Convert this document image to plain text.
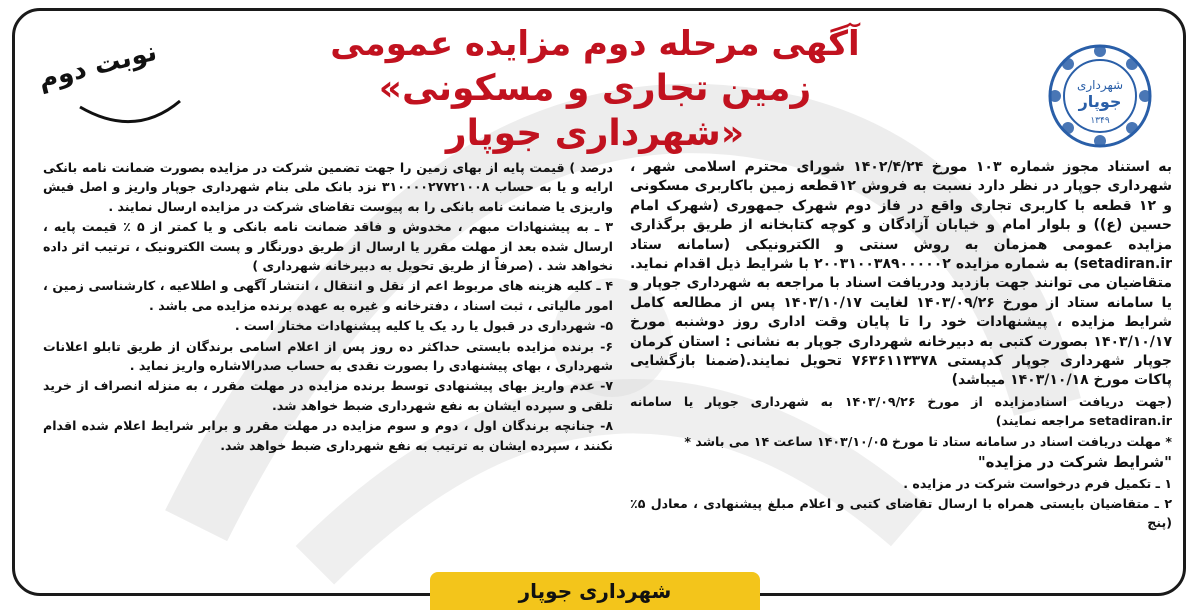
آگهی مرحله دوم مزایده عمومی

«زمین تجاری و مسکونی شهرداری جوپار»

نوبت دوم	شهرداری
جوپار
۱۳۴۹

به استناد مجوز شماره ۱۰۳ مورخ ۱۴۰۲/۴/۲۴ شورای محترم اسلامی شهر ، شهرداری جوپار در نظر دارد نسبت به فروش ۱۲قطعه زمین باکاربری مسکونی و ۱۲ قطعه با کاربری تجاری واقع در فاز دوم شهرک جمهوری (شهرک امام حسین (ع)) و بلوار امام و خیابان آزادگان و کوچه کتابخانه از طریق برگذاری مزایده عمومی همزمان به روش سنتی و الکترونیکی (سامانه ستاد setadiran.ir) به شماره مزایده ۲۰۰۳۱۰۰۳۸۹۰۰۰۰۰۲ با شرایط ذیل اقدام نماید. متقاضیان می توانند جهت بازدید ودریافت اسناد با مراجعه به شهرداری جوپار و یا سامانه ستاد از مورخ ۱۴۰۳/۰۹/۲۶ لغایت ۱۴۰۳/۱۰/۱۷ پس از مطالعه کامل شرایط مزایده ، پیشنهادات خود را تا پایان وقت اداری روز دوشنبه مورخ ۱۴۰۳/۱۰/۱۷ بصورت کتبی به دبیرخانه شهرداری جوپار به نشانی : استان کرمان جوپار شهرداری جوپار کدپستی ۷۶۳۶۱۱۳۳۷۸ تحویل نمایند.(ضمنا بازگشایی پاکات مورخ ۱۴۰۳/۱۰/۱۸ میباشد)

(جهت دریافت اسنادمزایده از مورخ ۱۴۰۳/۰۹/۲۶ به شهرداری جوپار یا سامانه setadiran.ir مراجعه نمایند)

* مهلت دریافت اسناد در سامانه ستاد تا مورخ ۱۴۰۳/۱۰/۰۵ ساعت ۱۴ می باشد *

"شرایط شرکت در مزایده"

۱ ـ تکمیل فرم درخواست شرکت در مزایده .

۲ ـ متقاضیان بایستی همراه با ارسال تقاضای کتبی و اعلام مبلغ پیشنهادی ، معادل ۵٪ (پنج

درصد ) قیمت پایه از بهای زمین را جهت تضمین شرکت در مزایده بصورت ضمانت نامه بانکی ارایه و یا به حساب ۳۱۰۰۰۰۲۷۷۲۱۰۰۸ نزد بانک ملی بنام شهرداری جوپار واریز و اصل فیش واریزی یا ضمانت نامه بانکی را به پیوست تقاضای شرکت در مزایده ارسال نمایند .

۳ ـ به پیشنهادات مبهم ، مخدوش و فاقد ضمانت نامه بانکی و یا کمتر از ۵ ٪ قیمت پایه ، ارسال شده بعد از مهلت مقرر یا ارسال از طریق دورنگار و پست الکترونیک ، ترتیب اثر داده نخواهد شد . (صرفاً از طریق تحویل به دبیرخانه شهرداری )

۴ ـ کلیه هزینه های مربوط اعم از نقل و انتقال ، انتشار آگهی و اطلاعیه ، کارشناسی زمین ، امور مالیاتی ، ثبت اسناد ، دفترخانه و غیره به عهده برنده مزایده می باشد .

۵- شهرداری در قبول یا رد یک یا کلیه پیشنهادات مختار است .

۶- برنده مزایده بایستی حداکثر ده روز پس از اعلام اسامی برندگان از طریق تابلو اعلانات شهرداری ، بهای پیشنهادی را بصورت نقدی به حساب صدرالاشاره واریز نماید .

۷- عدم واریز بهای پیشنهادی توسط برنده مزایده در مهلت مقرر ، به منزله انصراف از خرید تلقی و سپرده ایشان به نفع شهرداری ضبط خواهد شد.

۸- چنانچه برندگان اول ، دوم و سوم مزایده در مهلت مقرر و برابر شرایط اعلام شده اقدام نکنند ، سپرده ایشان به ترتیب به نفع شهرداری ضبط خواهد شد.

شهرداری جوپار
